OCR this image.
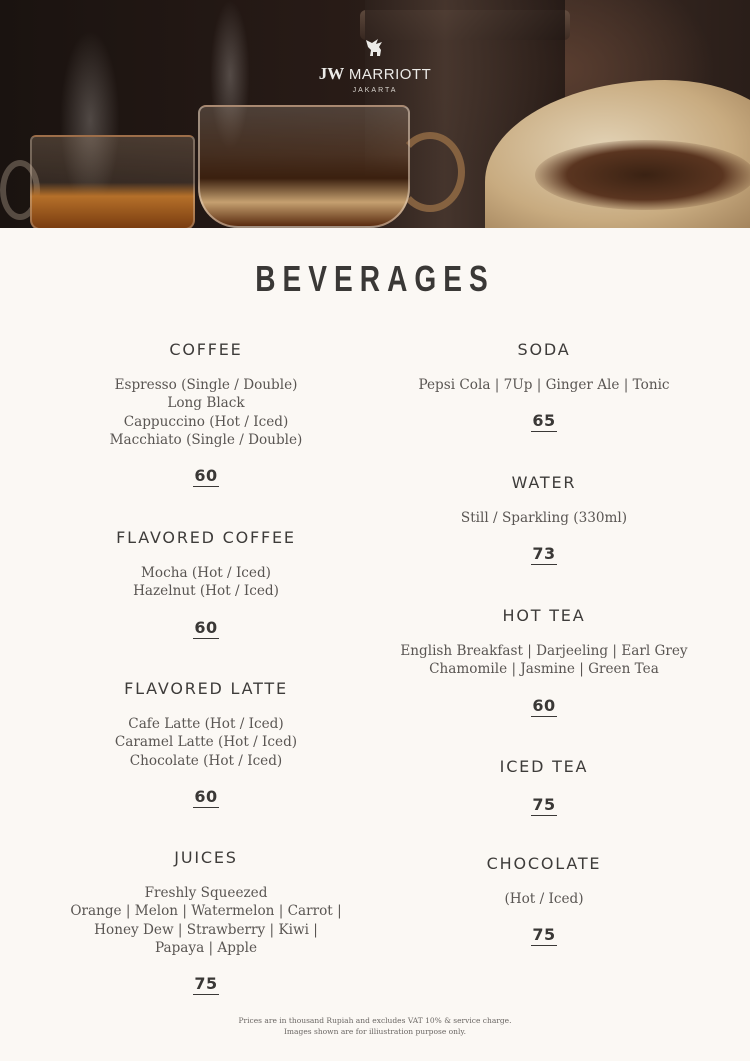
JW MARRIOTT
JAKARTA
BEVERAGES
COFFEE
Espresso (Single / Double)
Long Black
Cappuccino (Hot / Iced)
Macchiato (Single / Double)
60
FLAVORED COFFEE
Mocha (Hot / Iced)
Hazelnut (Hot / Iced)
60
FLAVORED LATTE
Cafe Latte (Hot / Iced)
Caramel Latte (Hot / Iced)
Chocolate (Hot / Iced)
60
JUICES
Freshly Squeezed
Orange | Melon | Watermelon | Carrot |
Honey Dew | Strawberry | Kiwi |
Papaya | Apple
75
SODA
Pepsi Cola | 7Up | Ginger Ale | Tonic
65
WATER
Still / Sparkling (330ml)
73
HOT TEA
English Breakfast | Darjeeling | Earl Grey
Chamomile | Jasmine | Green Tea
60
ICED TEA
75
CHOCOLATE
(Hot / Iced)
75
Prices are in thousand Rupiah and excludes VAT 10% & service charge.
Images shown are for illiustration purpose only.
